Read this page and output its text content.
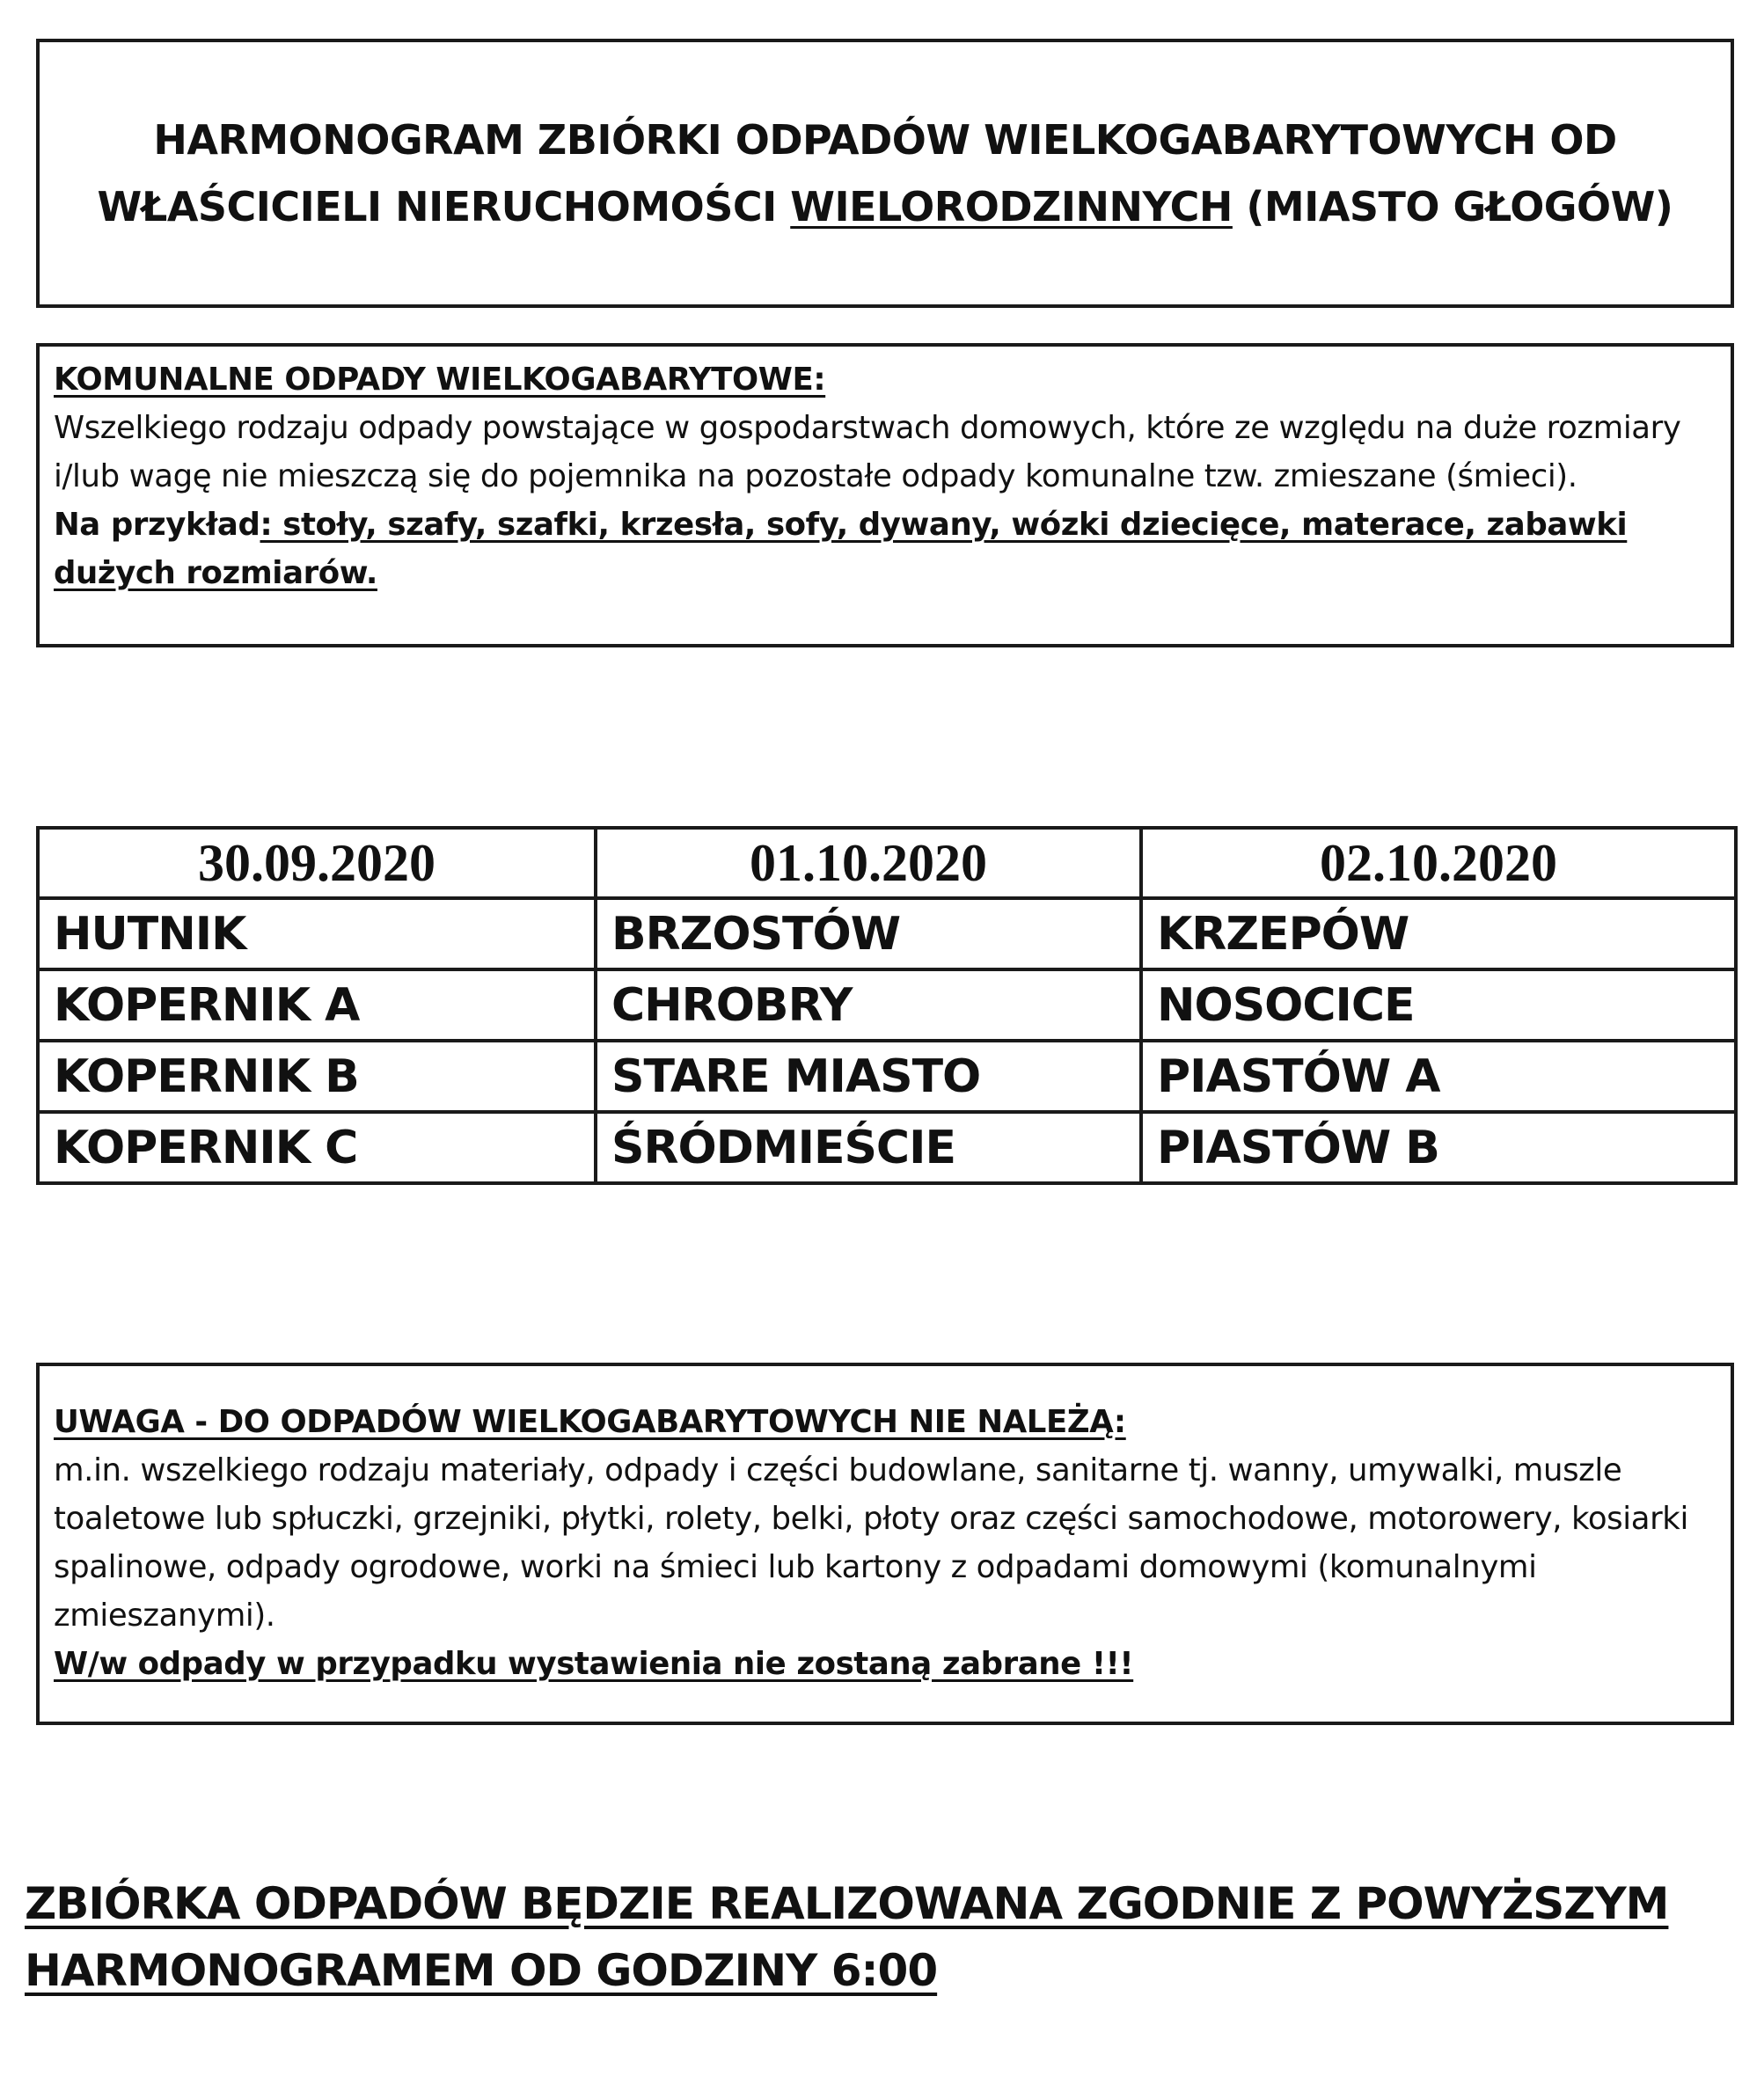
HARMONOGRAM ZBIÓRKI ODPADÓW WIELKOGABARYTOWYCH OD
WŁAŚCICIELI NIERUCHOMOŚCI WIELORODZINNYCH (MIASTO GŁOGÓW)

KOMUNALNE ODPADY WIELKOGABARYTOWE:

Wszelkiego rodzaju odpady powstające w gospodarstwach domowych, które ze względu na duże rozmiary i/lub wagę nie mieszczą się do pojemnika na pozostałe odpady komunalne tzw. zmieszane (śmieci).

Na przykład: stoły, szafy, szafki, krzesła, sofy, dywany, wózki dziecięce, materace, zabawki dużych rozmiarów.

30.09.2020	01.10.2020	02.10.2020
HUTNIK	BRZOSTÓW	KRZEPÓW
KOPERNIK A	CHROBRY	NOSOCICE
KOPERNIK B	STARE MIASTO	PIASTÓW A
KOPERNIK C	ŚRÓDMIEŚCIE	PIASTÓW B

UWAGA - DO ODPADÓW WIELKOGABARYTOWYCH NIE NALEŻĄ:

m.in. wszelkiego rodzaju materiały, odpady i części budowlane, sanitarne tj. wanny, umywalki, muszle toaletowe lub spłuczki, grzejniki, płytki, rolety, belki, płoty oraz części samochodowe, motorowery, kosiarki spalinowe, odpady ogrodowe, worki na śmieci lub kartony z odpadami domowymi (komunalnymi zmieszanymi).

W/w odpady w przypadku wystawienia nie zostaną zabrane !!!

ZBIÓRKA ODPADÓW BĘDZIE REALIZOWANA ZGODNIE Z POWYŻSZYM
HARMONOGRAMEM OD GODZINY 6:00
